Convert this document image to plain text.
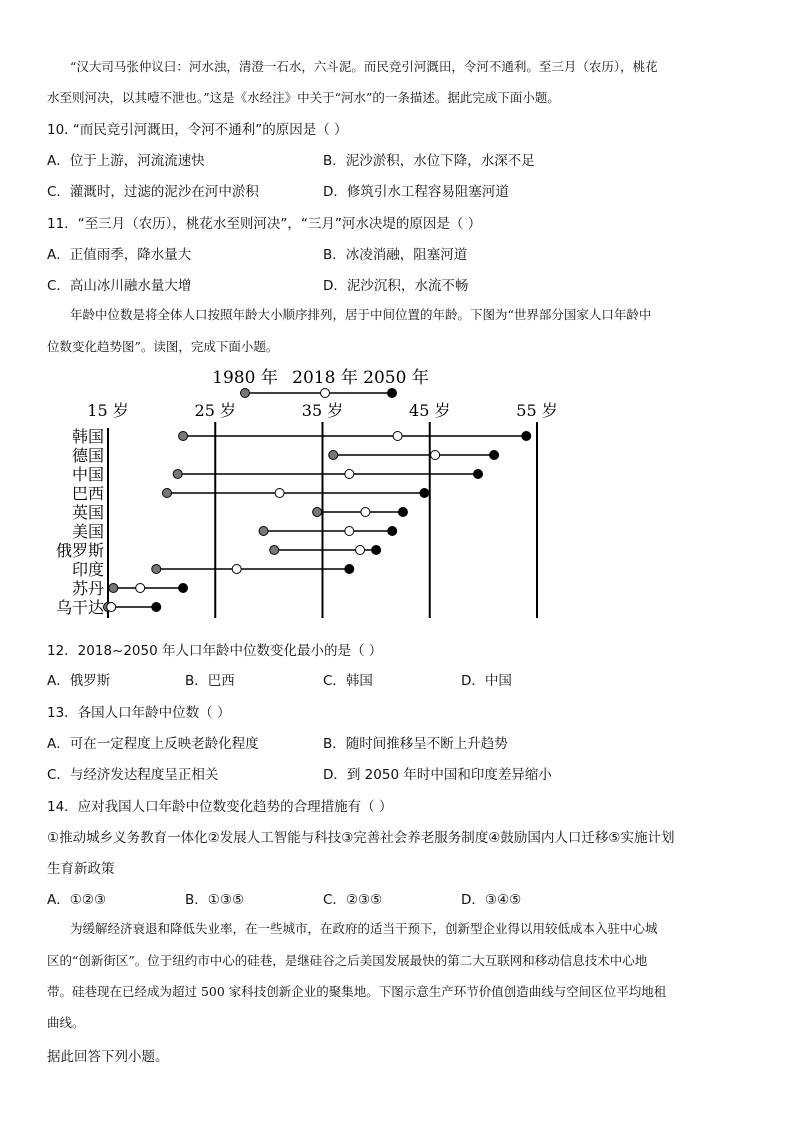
“汉大司马张仲议曰：河水浊，清澄一石水，六斗泥。而民竞引河溉田，令河不通利。至三月（农历），桃花
水至则河决，以其噎不泄也。”这是《水经注》中关于“河水”的一条描述。据此完成下面小题。
10. “而民竞引河溉田，令河不通利”的原因是（ ）
A．位于上游，河流流速快	B．泥沙淤积，水位下降，水深不足
C．灌溉时，过滤的泥沙在河中淤积	D．修筑引水工程容易阻塞河道
11．“至三月（农历），桃花水至则河决”，“三月”河水决堤的原因是（ ）
A．正值雨季，降水量大	B．冰凌消融，阻塞河道
C．高山冰川融水量大增	D．泥沙沉积，水流不畅
年龄中位数是将全体人口按照年龄大小顺序排列，居于中间位置的年龄。下图为“世界部分国家人口年龄中
位数变化趋势图”。读图，完成下面小题。
1980 年 2018 年 2050 年
15 岁	25 岁	35 岁	45 岁	55 岁
韩国
德国
中国
巴西
英国
美国
俄罗斯
印度
苏丹
乌干达
12．2018~2050 年人口年龄中位数变化最小的是（ ）
A．俄罗斯	B．巴西	C．韩国	D．中国
13．各国人口年龄中位数（ ）
A．可在一定程度上反映老龄化程度	B．随时间推移呈不断上升趋势
C．与经济发达程度呈正相关	D．到 2050 年时中国和印度差异缩小
14．应对我国人口年龄中位数变化趋势的合理措施有（ ）
①推动城乡义务教育一体化②发展人工智能与科技③完善社会养老服务制度④鼓励国内人口迁移⑤实施计划
生育新政策
A．①②③	B．①③⑤	C．②③⑤	D．③④⑤
为缓解经济衰退和降低失业率，在一些城市，在政府的适当干预下，创新型企业得以用较低成本入驻中心城
区的“创新街区”。位于纽约市中心的硅巷，是继硅谷之后美国发展最快的第二大互联网和移动信息技术中心地
带。硅巷现在已经成为超过 500 家科技创新企业的聚集地。下图示意生产环节价值创造曲线与空间区位平均地租
曲线。
据此回答下列小题。
